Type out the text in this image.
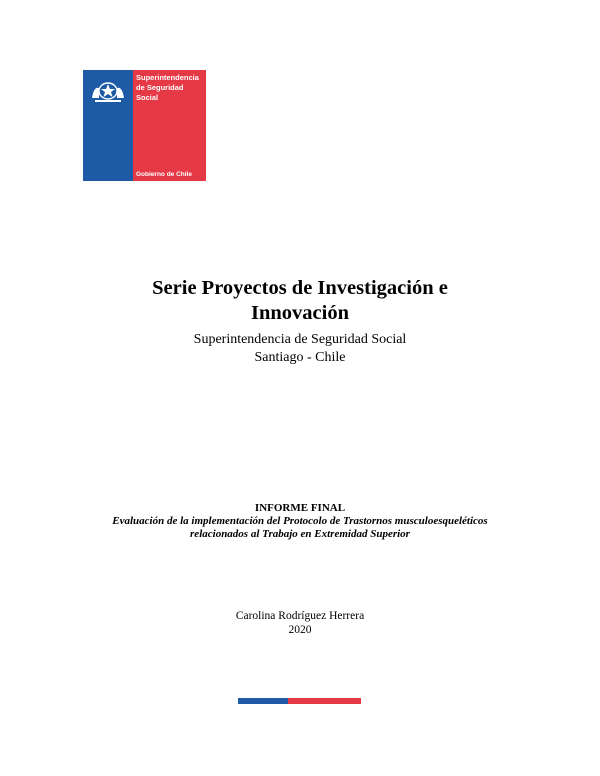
Superintendencia
de Seguridad
Social
Gobierno de Chile
Serie Proyectos de Investigación e
Innovación
Superintendencia de Seguridad Social
Santiago - Chile
INFORME FINAL
Evaluación de la implementación del Protocolo de Trastornos musculoesqueléticos
relacionados al Trabajo en Extremidad Superior
Carolina Rodríguez Herrera
2020
